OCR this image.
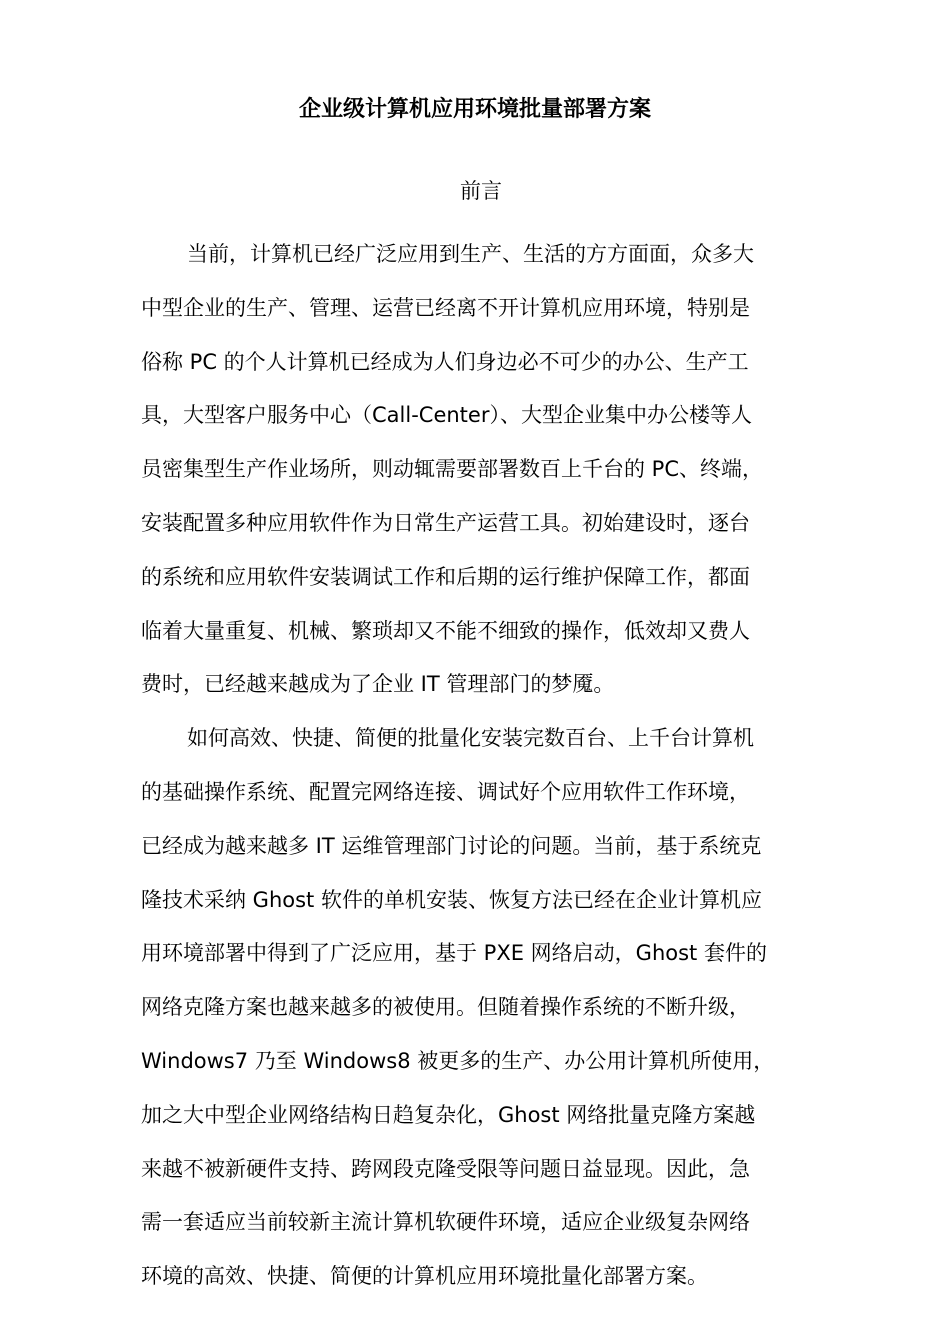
企业级计算机应用环境批量部署方案
前言
当前，计算机已经广泛应用到生产、生活的方方面面，众多大
中型企业的生产、管理、运营已经离不开计算机应用环境，特别是
俗称 PC 的个人计算机已经成为人们身边必不可少的办公、生产工
具，大型客户服务中心（Call-Center）、大型企业集中办公楼等人
员密集型生产作业场所，则动辄需要部署数百上千台的 PC、终端，
安装配置多种应用软件作为日常生产运营工具。初始建设时，逐台
的系统和应用软件安装调试工作和后期的运行维护保障工作，都面
临着大量重复、机械、繁琐却又不能不细致的操作，低效却又费人
费时，已经越来越成为了企业 IT 管理部门的梦魇。
如何高效、快捷、简便的批量化安装完数百台、上千台计算机
的基础操作系统、配置完网络连接、调试好个应用软件工作环境，
已经成为越来越多 IT 运维管理部门讨论的问题。当前，基于系统克
隆技术采纳 Ghost 软件的单机安装、恢复方法已经在企业计算机应
用环境部署中得到了广泛应用，基于 PXE 网络启动，Ghost 套件的
网络克隆方案也越来越多的被使用。但随着操作系统的不断升级，
Windows7 乃至 Windows8 被更多的生产、办公用计算机所使用，
加之大中型企业网络结构日趋复杂化，Ghost 网络批量克隆方案越
来越不被新硬件支持、跨网段克隆受限等问题日益显现。因此，急
需一套适应当前较新主流计算机软硬件环境，适应企业级复杂网络
环境的高效、快捷、简便的计算机应用环境批量化部署方案。
